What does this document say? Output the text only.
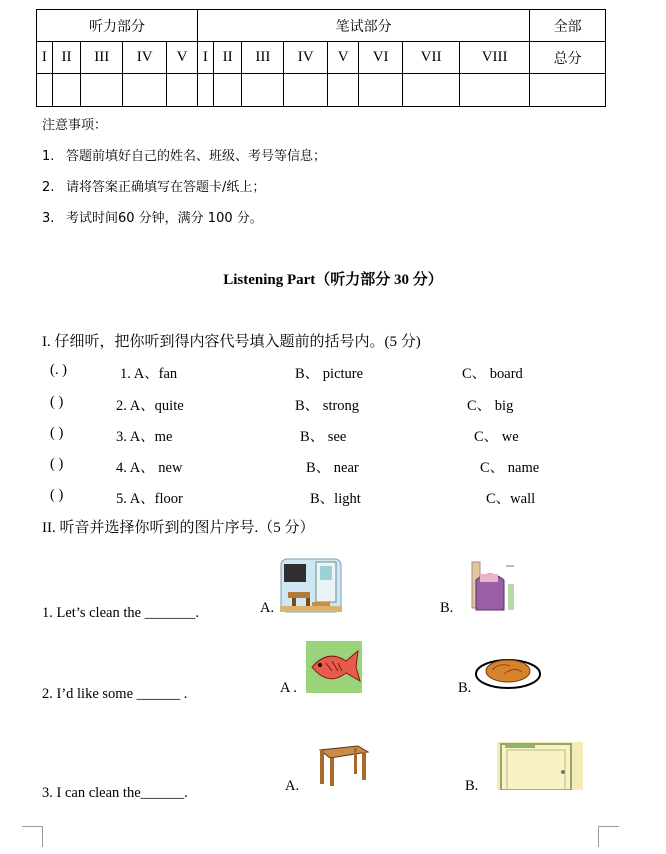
听力部分					笔试部分								全部
I	II	III	IV	V	I	II	III	IV	V	VI	VII	VIII	总分

注意事项：
1. 答题前填好自己的姓名、班级、考号等信息；
2. 请将答案正确填写在答题卡/纸上；
3. 考试时间60 分钟，满分 100 分。
Listening Part（听力部分 30 分）
I. 仔细听，把你听到得内容代号填入题前的括号内。(5 分)
(. )	1. A、fan	B、 picture	C、 board
( )	2. A、quite	B、 strong	C、 big
( )	3. A、me	B、 see	C、 we
( )	4. A、 new	B、 near	C、 name
( )	5. A、floor	B、light	C、wall
II. 听音并选择你听到的图片序号.（5 分）
1. Let’s clean the _______.	A.	B.
2. I’d like some ______ .	A .	B.
3. I can clean the______.	A.	B.
